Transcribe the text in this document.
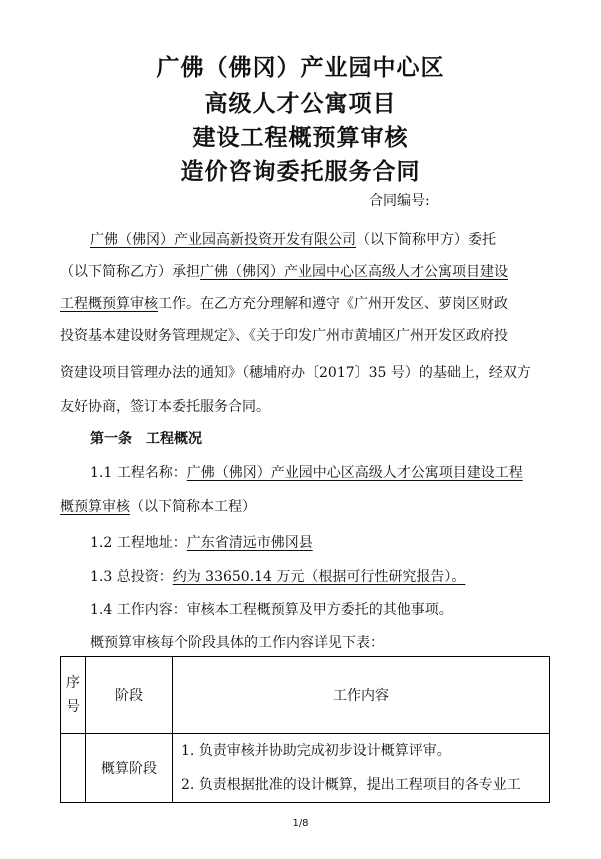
广佛（佛冈）产业园中心区
高级人才公寓项目
建设工程概预算审核
造价咨询委托服务合同
合同编号:
广佛（佛冈）产业园高新投资开发有限公司（以下简称甲方）委托
（以下简称乙方）承担广佛（佛冈）产业园中心区高级人才公寓项目建设
工程概预算审核工作。在乙方充分理解和遵守《广州开发区、萝岗区财政
投资基本建设财务管理规定》、《关于印发广州市黄埔区广州开发区政府投
资建设项目管理办法的通知》（穗埔府办〔2017〕35 号）的基础上，经双方
友好协商，签订本委托服务合同。
第一条　工程概况
1.1 工程名称：广佛（佛冈）产业园中心区高级人才公寓项目建设工程
概预算审核（以下简称本工程）
1.2 工程地址：广东省清远市佛冈县
1.3 总投资：约为 33650.14 万元（根据可行性研究报告）。
1.4 工作内容：审核本工程概预算及甲方委托的其他事项。
概预算审核每个阶段具体的工作内容详见下表：
序号	阶段	工作内容
	概算阶段	1. 负责审核并协助完成初步设计概算评审。
2. 负责根据批准的设计概算，提出工程项目的各专业工
1/8
